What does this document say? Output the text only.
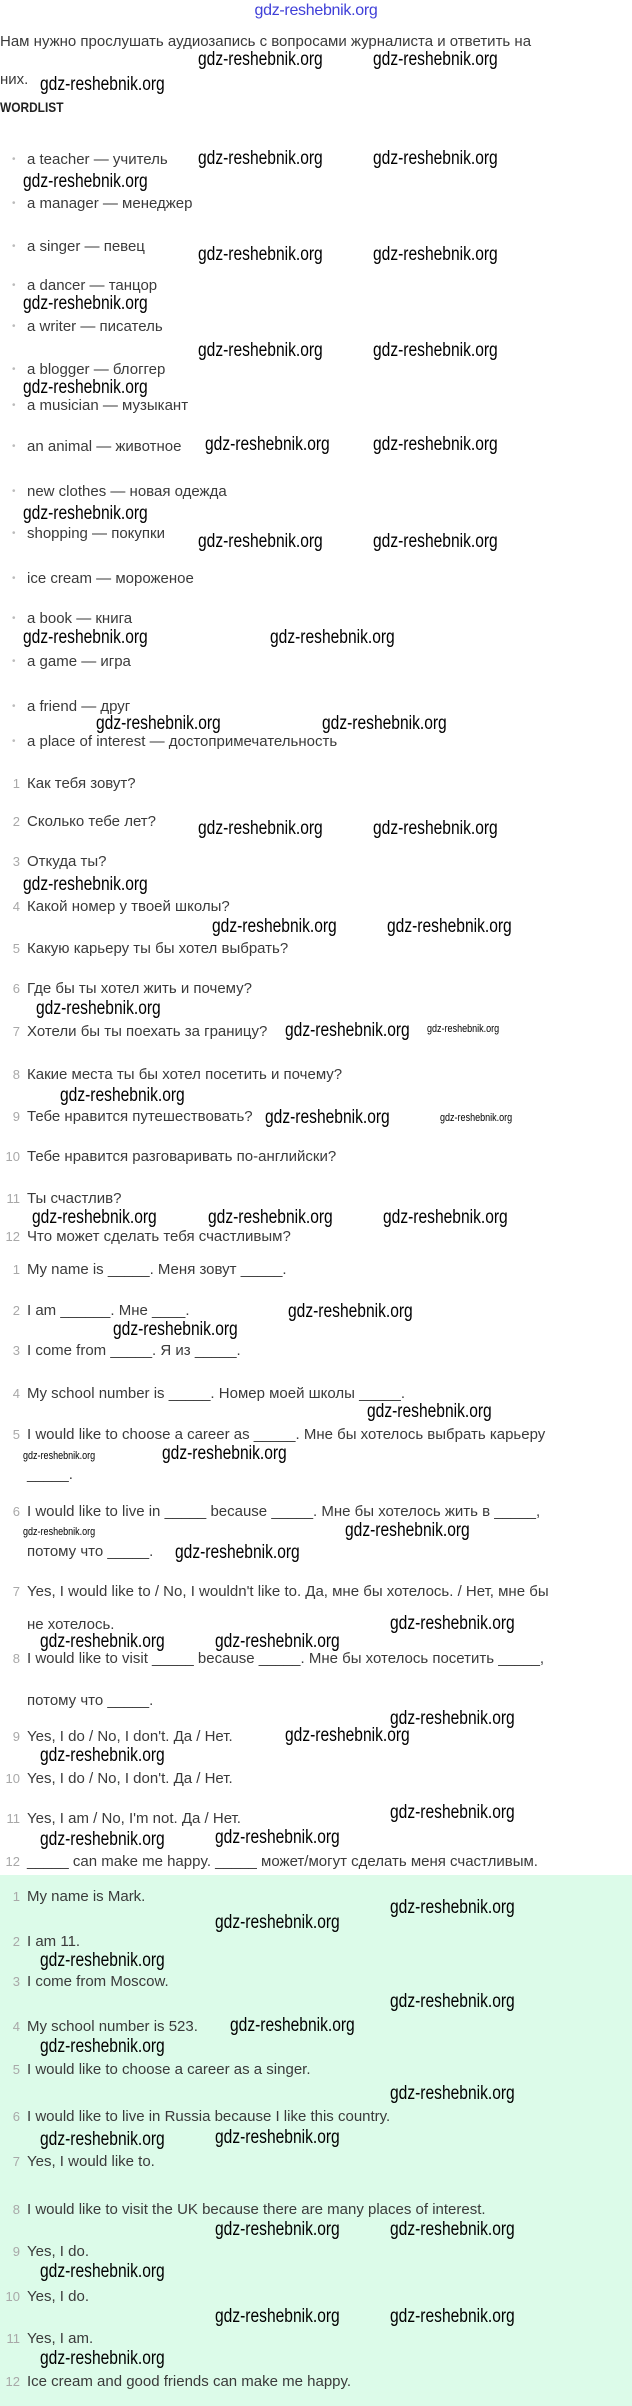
gdz-reshebnik.org
Нам нужно прослушать аудиозапись с вопросами журналиста и ответить на
них.
WORDLIST
• a teacher — учитель
• a manager — менеджер
• a singer — певец
• a dancer — танцор
• a writer — писатель
• a blogger — блоггер
• a musician — музыкант
• an animal — животное
• new clothes — новая одежда
• shopping — покупки
• ice cream — мороженое
• a book — книга
• a game — игра
• a friend — друг
• a place of interest — достопримечательность
1 Как тебя зовут?
2 Сколько тебе лет?
3 Откуда ты?
4 Какой номер у твоей школы?
5 Какую карьеру ты бы хотел выбрать?
6 Где бы ты хотел жить и почему?
7 Хотели бы ты поехать за границу?
8 Какие места ты бы хотел посетить и почему?
9 Тебе нравится путешествовать?
10 Тебе нравится разговаривать по-английски?
11 Ты счастлив?
12 Что может сделать тебя счастливым?
1 My name is _____. Меня зовут _____.
2 I am ______. Мне ____.
3 I come from _____. Я из _____.
4 My school number is _____. Номер моей школы _____.
5 I would like to choose a career as _____. Мне бы хотелось выбрать карьеру
_____.
6 I would like to live in _____ because _____. Мне бы хотелось жить в _____,
потому что _____.
7 Yes, I would like to / No, I wouldn't like to. Да, мне бы хотелось. / Нет, мне бы
не хотелось.
8 I would like to visit _____ because _____. Мне бы хотелось посетить _____,
потому что _____.
9 Yes, I do / No, I don't. Да / Нет.
10 Yes, I do / No, I don't. Да / Нет.
11 Yes, I am / No, I'm not. Да / Нет.
12 _____ can make me happy. _____ может/могут сделать меня счастливым.
1 My name is Mark.
2 I am 11.
3 I come from Moscow.
4 My school number is 523.
5 I would like to choose a career as a singer.
6 I would like to live in Russia because I like this country.
7 Yes, I would like to.
8 I would like to visit the UK because there are many places of interest.
9 Yes, I do.
10 Yes, I do.
11 Yes, I am.
12 Ice cream and good friends can make me happy.
gdz-reshebnik.org	gdz-reshebnik.org
gdz-reshebnik.org
gdz-reshebnik.org	gdz-reshebnik.org
gdz-reshebnik.org
gdz-reshebnik.org	gdz-reshebnik.org
gdz-reshebnik.org
gdz-reshebnik.org	gdz-reshebnik.org
gdz-reshebnik.org
gdz-reshebnik.org gdz-reshebnik.org
gdz-reshebnik.org
gdz-reshebnik.org	gdz-reshebnik.org
gdz-reshebnik.org	gdz-reshebnik.org
gdz-reshebnik.org	gdz-reshebnik.org
gdz-reshebnik.org	gdz-reshebnik.org
gdz-reshebnik.org
gdz-reshebnik.org	gdz-reshebnik.org
gdz-reshebnik.org
gdz-reshebnik.org
gdz-reshebnik.org
gdz-reshebnik.org
gdz-reshebnik.org	gdz-reshebnik.org	gdz-reshebnik.org
gdz-reshebnik.org
gdz-reshebnik.org
gdz-reshebnik.org
gdz-reshebnik.org
gdz-reshebnik.org
gdz-reshebnik.org
gdz-reshebnik.org
gdz-reshebnik.org	gdz-reshebnik.org
gdz-reshebnik.org
gdz-reshebnik.org
gdz-reshebnik.org
gdz-reshebnik.org
gdz-reshebnik.org
gdz-reshebnik.org
gdz-reshebnik.org
gdz-reshebnik.org
gdz-reshebnik.org
gdz-reshebnik.org
gdz-reshebnik.org
gdz-reshebnik.org
gdz-reshebnik.org
gdz-reshebnik.org
gdz-reshebnik.org
gdz-reshebnik.org	gdz-reshebnik.org
gdz-reshebnik.org
gdz-reshebnik.org	gdz-reshebnik.org
gdz-reshebnik.org
gdz-reshebnik.org
gdz-reshebnik.org
gdz-reshebnik.org
gdz-reshebnik.org
